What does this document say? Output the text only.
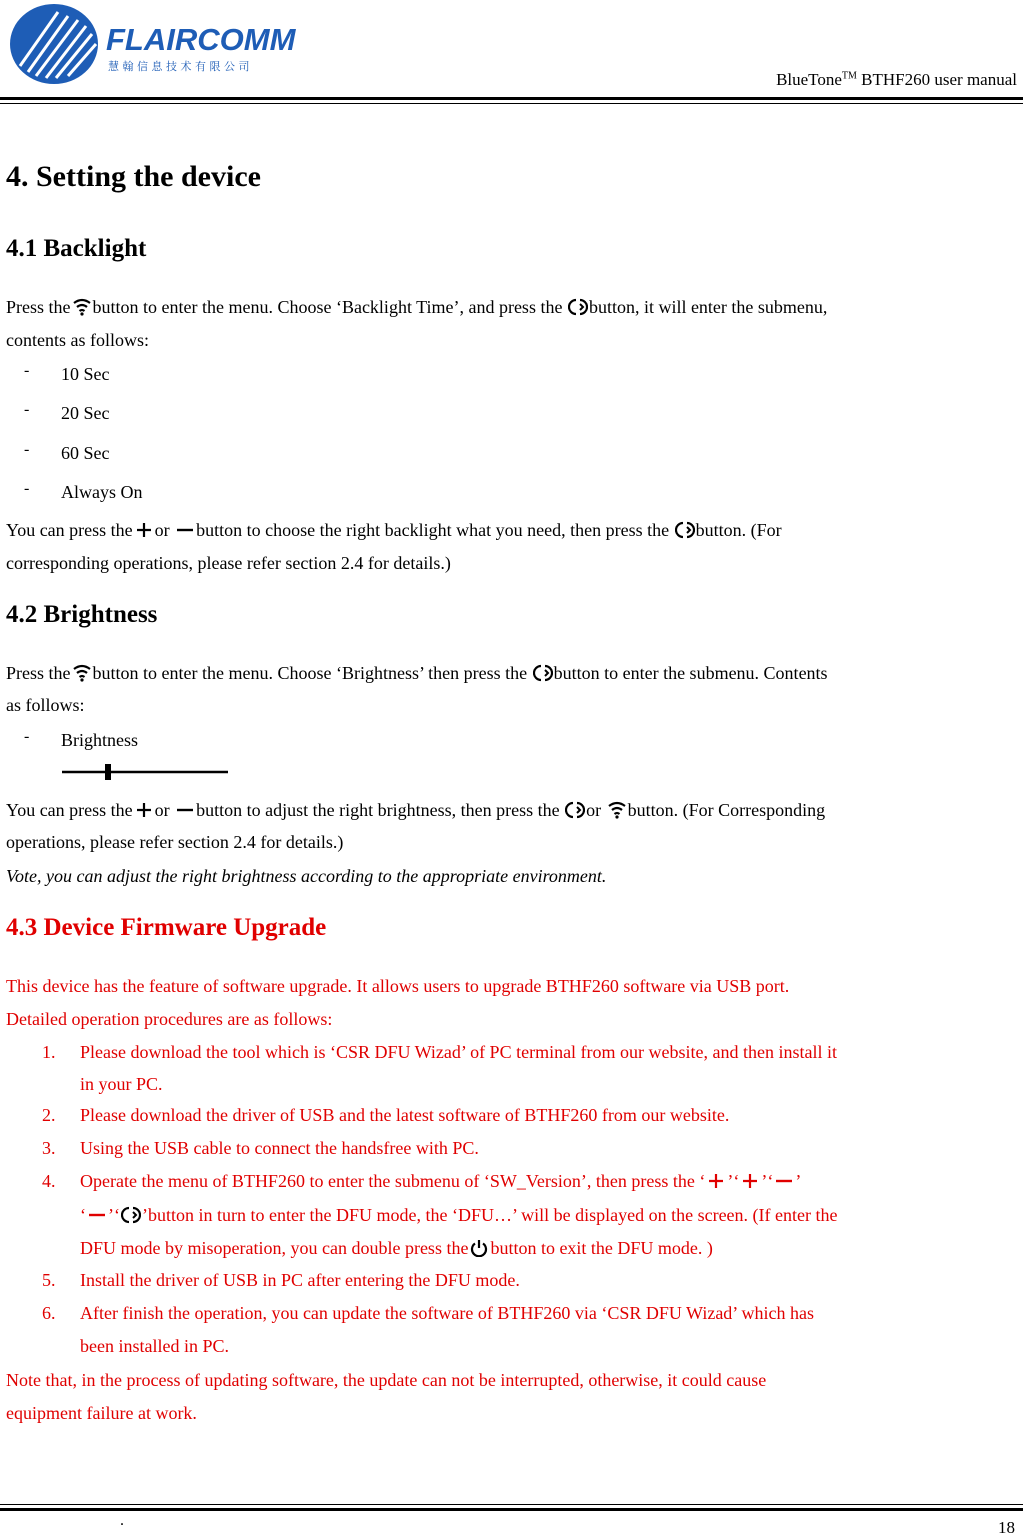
FLAIRCOMM
慧 翰 信 息 技 术 有 限 公 司
BlueTone™ BTHF260 user manual
4. Setting the device
4.1 Backlight
Press the button to enter the menu. Choose ‘Backlight Time’, and press the button, it will enter the submenu,
contents as follows:
- 10 Sec
- 20 Sec
- 60 Sec
- Always On
You can press the or button to choose the right backlight what you need, then press the button. (For
corresponding operations, please refer section 2.4 for details.)
4.2 Brightness
Press the button to enter the menu. Choose ‘Brightness’ then press the button to enter the submenu. Contents
as follows:
- Brightness
You can press the or button to adjust the right brightness, then press the or button. (For Corresponding
operations, please refer section 2.4 for details.)
Vote, you can adjust the right brightness according to the appropriate environment.
4.3 Device Firmware Upgrade
This device has the feature of software upgrade. It allows users to upgrade BTHF260 software via USB port.
Detailed operation procedures are as follows:
1. Please download the tool which is ‘CSR DFU Wizad’ of PC terminal from our website, and then install it
in your PC.
2. Please download the driver of USB and the latest software of BTHF260 from our website.
3. Using the USB cable to connect the handsfree with PC.
4. Operate the menu of BTHF260 to enter the submenu of ‘SW_Version’, then press the ‘ ’‘ ’‘ ’
‘ ’‘ ’button in turn to enter the DFU mode, the ‘DFU…’ will be displayed on the screen. (If enter the
DFU mode by misoperation, you can double press the button to exit the DFU mode. )
5. Install the driver of USB in PC after entering the DFU mode.
6. After finish the operation, you can update the software of BTHF260 via ‘CSR DFU Wizad’ which has
been installed in PC.
Note that, in the process of updating software, the update can not be interrupted, otherwise, it could cause
equipment failure at work.
.	18
